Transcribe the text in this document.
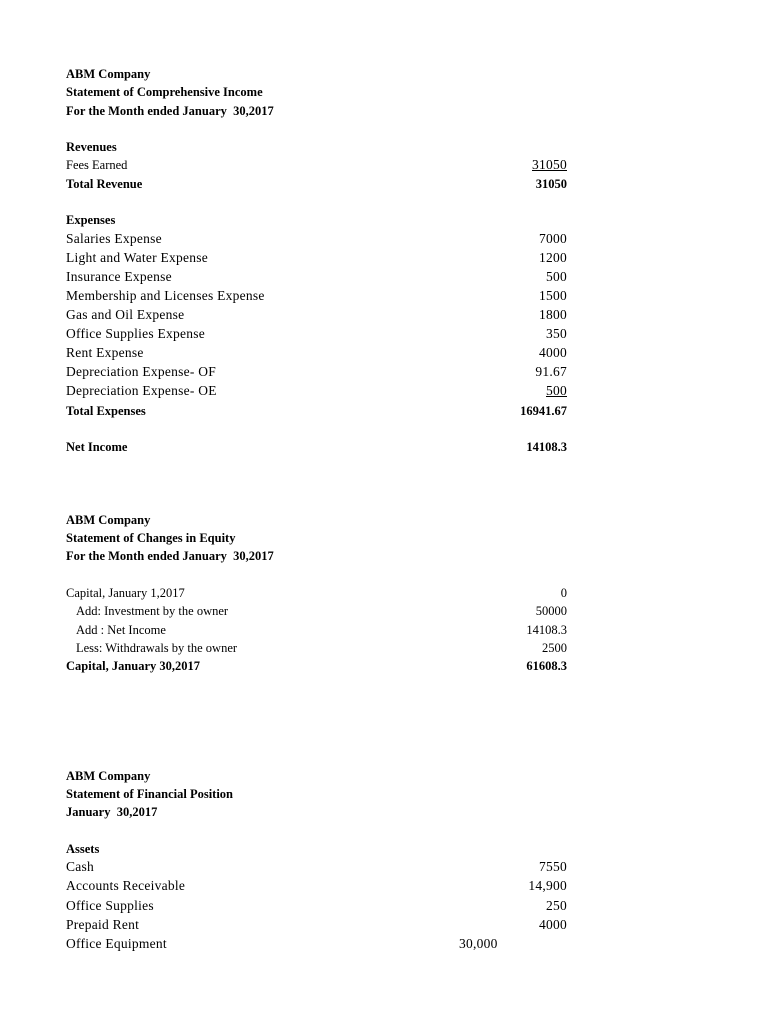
ABM Company
Statement of Comprehensive Income
For the Month ended January  30,2017
Revenues
Fees Earned	31050
Total Revenue	31050
Expenses
Salaries Expense	7000
Light and Water Expense	1200
Insurance Expense	500
Membership and Licenses Expense	1500
Gas and Oil Expense	1800
Office Supplies Expense	350
Rent Expense	4000
Depreciation Expense- OF	91.67
Depreciation Expense- OE	500
Total Expenses	16941.67
Net Income	14108.3
ABM Company
Statement of Changes in Equity
For the Month ended January  30,2017
Capital, January 1,2017	0
Add: Investment by the owner	50000
Add : Net Income	14108.3
Less: Withdrawals by the owner	2500
Capital, January 30,2017	61608.3
ABM Company
Statement of Financial Position
January  30,2017
Assets
Cash	7550
Accounts Receivable	14,900
Office Supplies	250
Prepaid Rent	4000
Office Equipment	30,000
